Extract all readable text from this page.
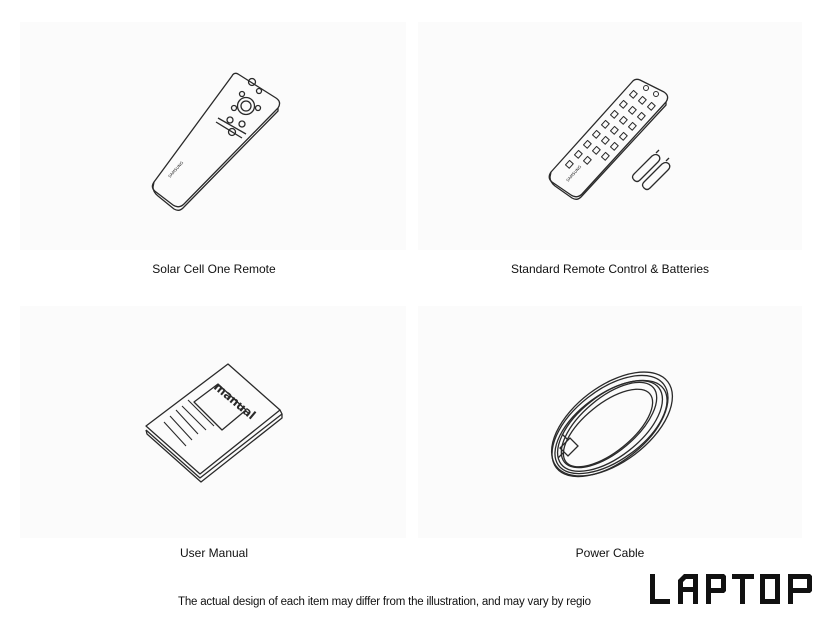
SAMSUNG
Solar Cell One Remote
SAMSUNG
Standard Remote Control & Batteries
manual
User Manual	Power Cable
The actual design of each item may differ from the illustration, and may vary by regio
